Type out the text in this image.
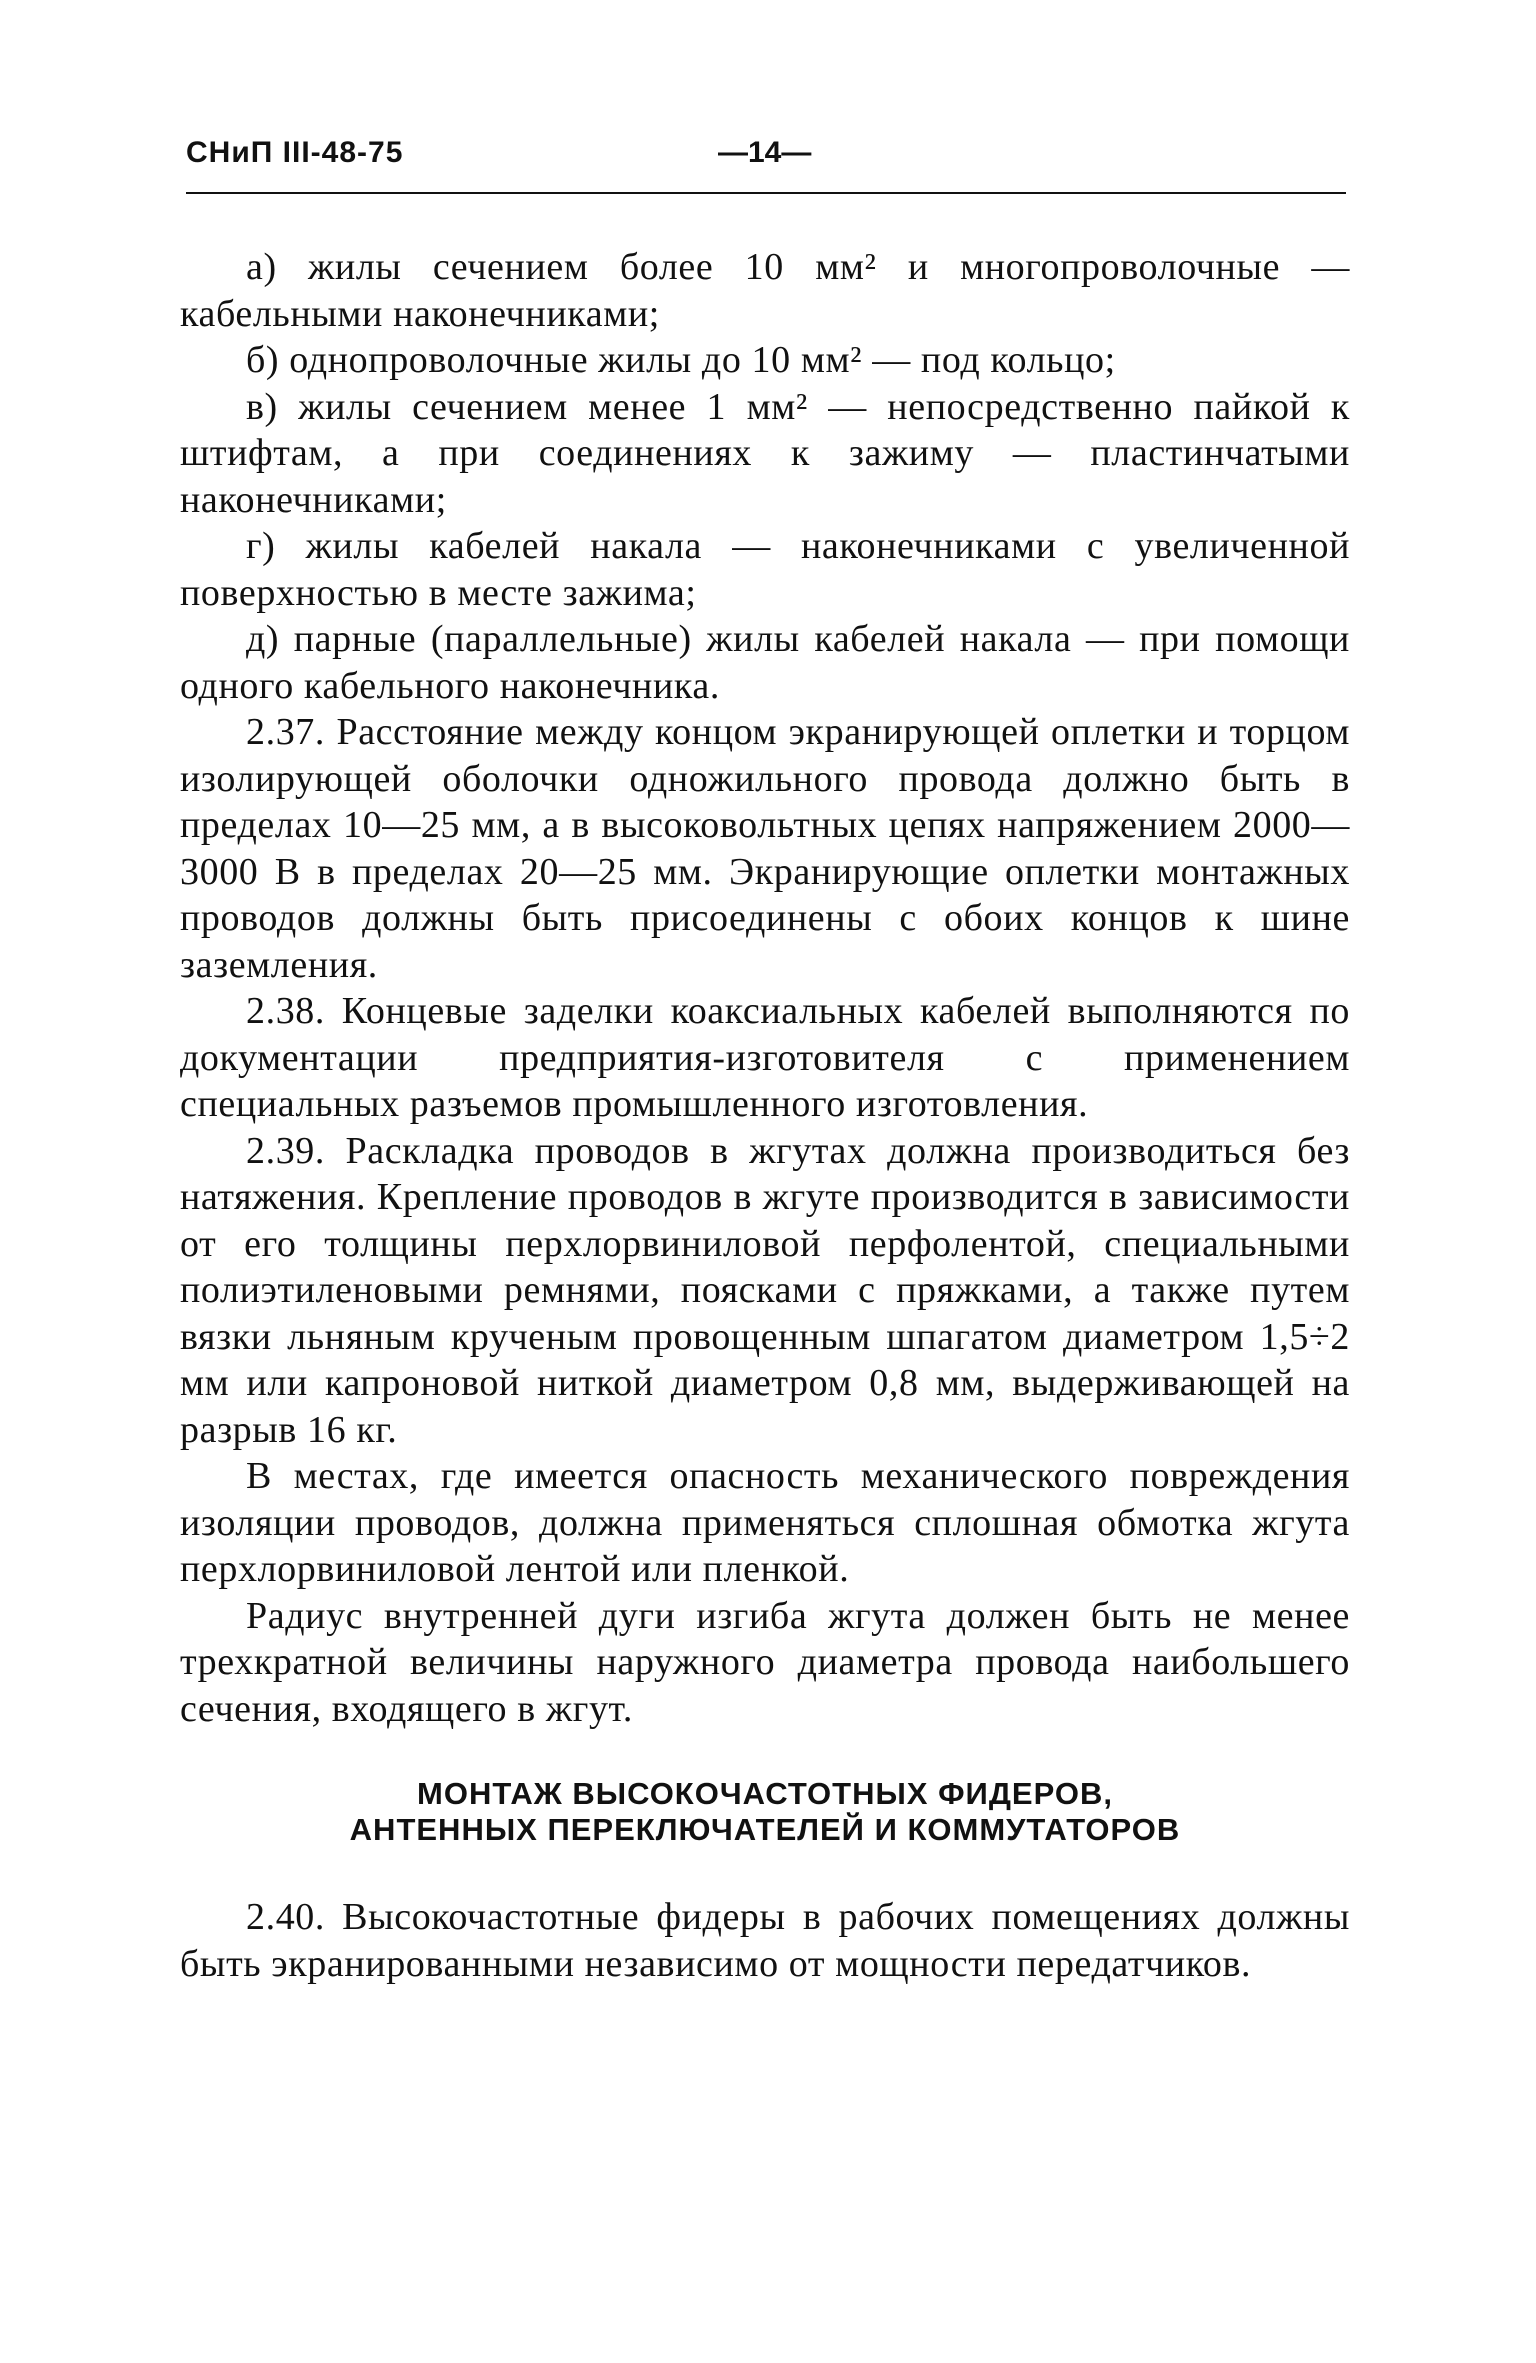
СНиП III-48-75	—14—

а) жилы сечением более 10 мм² и многопроволочные — кабельными наконечниками;

б) однопроволочные жилы до 10 мм² — под кольцо;

в) жилы сечением менее 1 мм² — непосредственно пайкой к штифтам, а при соединениях к зажиму — пластинчатыми наконечниками;

г) жилы кабелей накала — наконечниками с увеличенной поверхностью в месте зажима;

д) парные (параллельные) жилы кабелей накала — при помощи одного кабельного наконечника.

2.37. Расстояние между концом экранирующей оплетки и торцом изолирующей оболочки одножильного провода должно быть в пределах 10—25 мм, а в высоковольтных цепях напряжением 2000—3000 В в пределах 20—25 мм. Экранирующие оплетки монтажных проводов должны быть присоединены с обоих концов к шине заземления.

2.38. Концевые заделки коаксиальных кабелей выполняются по документации предприятия-изготовителя с применением специальных разъемов промышленного изготовления.

2.39. Раскладка проводов в жгутах должна производиться без натяжения. Крепление проводов в жгуте производится в зависимости от его толщины перхлорвиниловой перфолентой, специальными полиэтиленовыми ремнями, поясками с пряжками, а также путем вязки льняным крученым провощенным шпагатом диаметром 1,5÷2 мм или капроновой ниткой диаметром 0,8 мм, выдерживающей на разрыв 16 кг.

В местах, где имеется опасность механического повреждения изоляции проводов, должна применяться сплошная обмотка жгута перхлорвиниловой лентой или пленкой.

Радиус внутренней дуги изгиба жгута должен быть не менее трехкратной величины наружного диаметра провода наибольшего сечения, входящего в жгут.

МОНТАЖ ВЫСОКОЧАСТОТНЫХ ФИДЕРОВ,
АНТЕННЫХ ПЕРЕКЛЮЧАТЕЛЕЙ И КОММУТАТОРОВ

2.40. Высокочастотные фидеры в рабочих помещениях должны быть экранированными независимо от мощности передатчиков.
